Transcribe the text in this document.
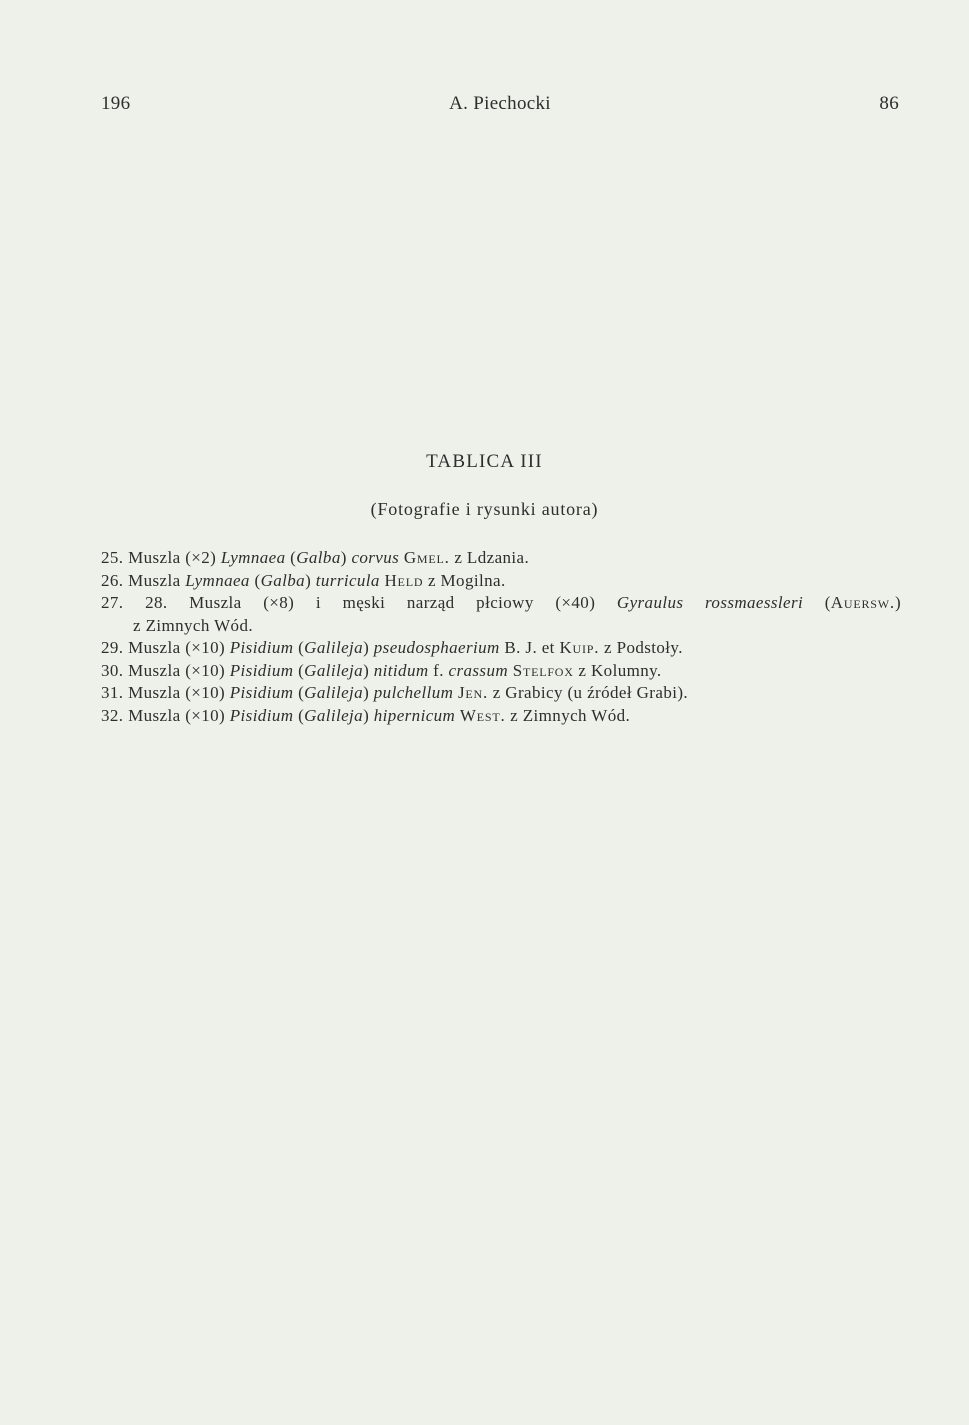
196	A. Piechocki	86
TABLICA III
(Fotografie i rysunki autora)
25. Muszla (×2) Lymnaea (Galba) corvus Gmel. z Ldzania.
26. Muszla Lymnaea (Galba) turricula Held z Mogilna.
27. 28. Muszla (×8) i męski narząd płciowy (×40) Gyraulus rossmaessleri (Auersw.)
z Zimnych Wód.
29. Muszla (×10) Pisidium (Galileja) pseudosphaerium B. J. et Kuip. z Podstoły.
30. Muszla (×10) Pisidium (Galileja) nitidum f. crassum Stelfox z Kolumny.
31. Muszla (×10) Pisidium (Galileja) pulchellum Jen. z Grabicy (u źródeł Grabi).
32. Muszla (×10) Pisidium (Galileja) hipernicum West. z Zimnych Wód.
